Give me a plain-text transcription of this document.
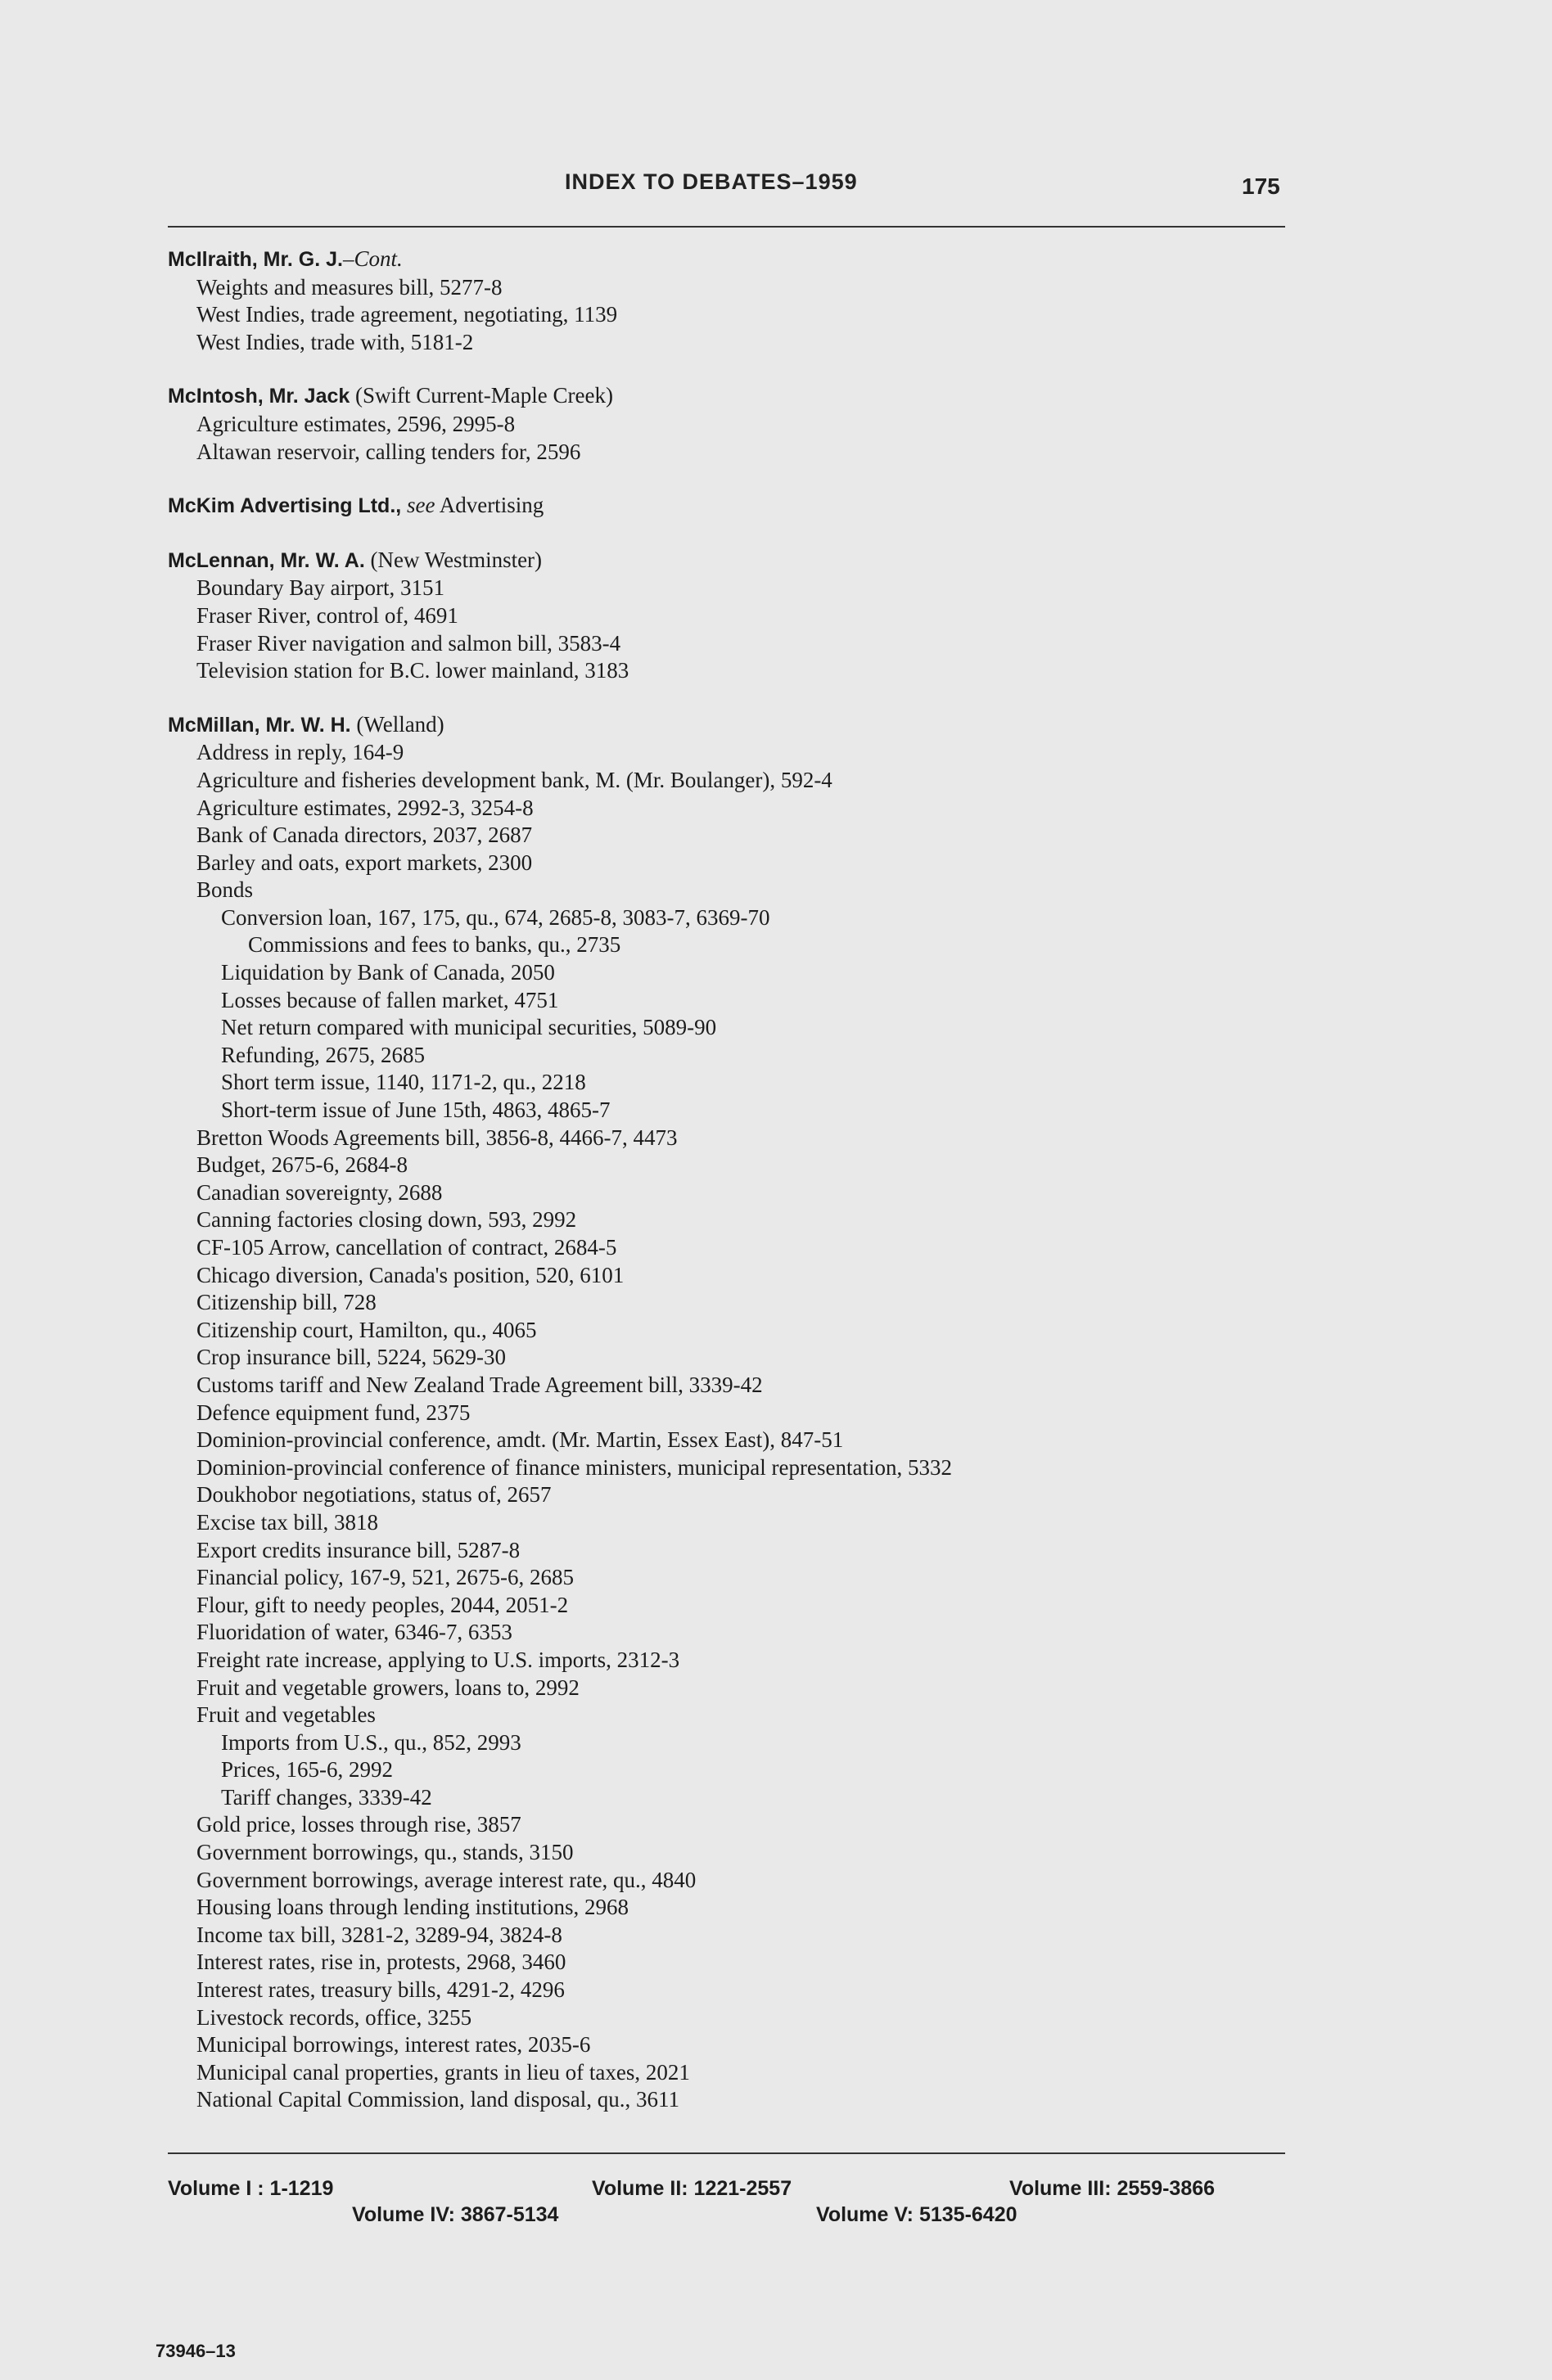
INDEX TO DEBATES–1959	175
McIlraith, Mr. G. J.–Cont.
Weights and measures bill, 5277-8
West Indies, trade agreement, negotiating, 1139
West Indies, trade with, 5181-2
McIntosh, Mr. Jack (Swift Current-Maple Creek)
Agriculture estimates, 2596, 2995-8
Altawan reservoir, calling tenders for, 2596
McKim Advertising Ltd., see Advertising
McLennan, Mr. W. A. (New Westminster)
Boundary Bay airport, 3151
Fraser River, control of, 4691
Fraser River navigation and salmon bill, 3583-4
Television station for B.C. lower mainland, 3183
McMillan, Mr. W. H. (Welland)
Address in reply, 164-9
Agriculture and fisheries development bank, M. (Mr. Boulanger), 592-4
Agriculture estimates, 2992-3, 3254-8
Bank of Canada directors, 2037, 2687
Barley and oats, export markets, 2300
Bonds
Conversion loan, 167, 175, qu., 674, 2685-8, 3083-7, 6369-70
Commissions and fees to banks, qu., 2735
Liquidation by Bank of Canada, 2050
Losses because of fallen market, 4751
Net return compared with municipal securities, 5089-90
Refunding, 2675, 2685
Short term issue, 1140, 1171-2, qu., 2218
Short-term issue of June 15th, 4863, 4865-7
Bretton Woods Agreements bill, 3856-8, 4466-7, 4473
Budget, 2675-6, 2684-8
Canadian sovereignty, 2688
Canning factories closing down, 593, 2992
CF-105 Arrow, cancellation of contract, 2684-5
Chicago diversion, Canada's position, 520, 6101
Citizenship bill, 728
Citizenship court, Hamilton, qu., 4065
Crop insurance bill, 5224, 5629-30
Customs tariff and New Zealand Trade Agreement bill, 3339-42
Defence equipment fund, 2375
Dominion-provincial conference, amdt. (Mr. Martin, Essex East), 847-51
Dominion-provincial conference of finance ministers, municipal representation, 5332
Doukhobor negotiations, status of, 2657
Excise tax bill, 3818
Export credits insurance bill, 5287-8
Financial policy, 167-9, 521, 2675-6, 2685
Flour, gift to needy peoples, 2044, 2051-2
Fluoridation of water, 6346-7, 6353
Freight rate increase, applying to U.S. imports, 2312-3
Fruit and vegetable growers, loans to, 2992
Fruit and vegetables
Imports from U.S., qu., 852, 2993
Prices, 165-6, 2992
Tariff changes, 3339-42
Gold price, losses through rise, 3857
Government borrowings, qu., stands, 3150
Government borrowings, average interest rate, qu., 4840
Housing loans through lending institutions, 2968
Income tax bill, 3281-2, 3289-94, 3824-8
Interest rates, rise in, protests, 2968, 3460
Interest rates, treasury bills, 4291-2, 4296
Livestock records, office, 3255
Municipal borrowings, interest rates, 2035-6
Municipal canal properties, grants in lieu of taxes, 2021
National Capital Commission, land disposal, qu., 3611
Volume I : 1-1219	Volume II: 1221-2557	Volume III: 2559-3866
Volume IV: 3867-5134	Volume V: 5135-6420
73946–13
